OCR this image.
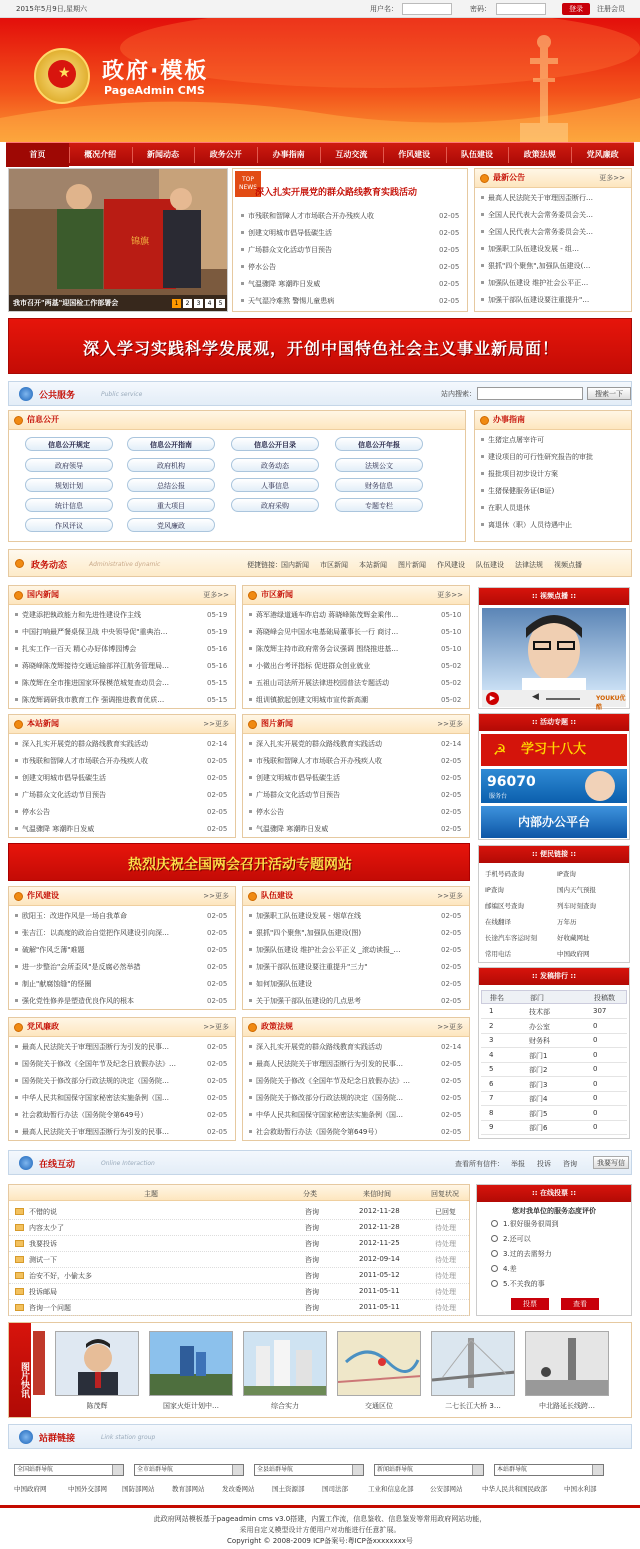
2015年5月9日,星期六	用户名：	密码：	登录	注册会员
★ 政府·模板
PageAdmin CMS
首页	概况介绍	新闻动态	政务公开	办事指南	互动交流	作风建设	队伍建设	政策法规	党风廉政
锦旗
我市召开"两基"迎国检工作部署会	1 2 3 4 5
TOP NEWS
深入扎实开展党的群众路线教育实践活动
市残联和智障人才市场联合开办残疾人收	02-05
创建文明城市倡导低碳生活	02-05
广场群众文化活动节目预告	02-05
停水公告	02-05
气温骤降 寒潮昨日发威	02-05
天气湿冷难熬 警惕儿童患病	02-05
最新公告	更多>>
最高人民法院关于审理因歪断行…
全国人民代表大会常务委员会关…
全国人民代表大会常务委员会关…
加强职工队伍建设发展 - 组…
狠抓"四个聚焦",加强队伍建设(…
加强队伍建设 维护社会公平正…
加强干部队伍建设要注重提升"…
深入学习实践科学发展观，开创中国特色社会主义事业新局面！
公共服务	Public service	站内搜索：	搜索一下
信息公开
信息公开规定	信息公开指南	信息公开目录	信息公开年报
政府领导	政府机构	政务动态	法规公文
规划计划	总结公报	人事信息	财务信息
统计信息	重大项目	政府采购	专题专栏
作风评议	党风廉政
办事指南
生猪定点屠宰许可
建设项目的可行性研究报告的审批
报批项目初步设计方案
生猪保健服务证(B证)
在职人员退休
离退休（职）人员待遇中止
政务动态	Administrative dynamic	便捷链接： 国内新闻 市区新闻 本站新闻 图片新闻 作风建设 队伍建设 法律法规 视频点播
国内新闻	更多>>
党建添把執政能力和先进性建设作主线	05-19
中国打响最严餐桌保卫战 中央领导促"重典治…	05-19
扎实工作一百天 精心办好体博园博会	05-16
蒋晓峰陈茂辉接待交通运输部祥江航务管理局…	05-16
陈茂辉在全市推进国家环保模范城复查动员会…	05-15
陈茂辉调研我市教育工作 强调推进教育优质…	05-15
市区新闻	更多>>
蒋军港绿道通车昨启动 蒋晓峰陈茂辉金乘伟…	05-10
蒋晓峰会见中国水电基础局董事长一行 商讨…	05-10
陈茂辉主持市政府常务会议强调 围绕推进基…	05-10
小微出台考评指标 促进群众创业就业	05-02
五祖山司法所开展法律进校园普法专题活动	05-02
组训镇掀起创建文明城市宣传新高潮	05-02
本站新闻	>>更多
深入扎实开展党的群众路线教育实践活动	02-14
市残联和智障人才市场联合开办残疾人收	02-05
创建文明城市倡导低碳生活	02-05
广场群众文化活动节目预告	02-05
停水公告	02-05
气温骤降 寒潮昨日发威	02-05
图片新闻	>>更多
深入扎实开展党的群众路线教育实践活动	02-14
市残联和智障人才市场联合开办残疾人收	02-05
创建文明城市倡导低碳生活	02-05
广场群众文化活动节目预告	02-05
停水公告	02-05
气温骤降 寒潮昨日发威	02-05
作风建设	>>更多
欧阳玉：改进作风是一场自我革命	02-05
张吉江：以高度的政治自觉把作风建设引向深…	02-05
破解"作风乏薄"难题	02-05
进一步整治"会所歪风"是反腐必然举措	02-05
制止"献腐蚀缝"的怪圈	02-05
强化党性修养是塑造优良作风的根本	02-05
队伍建设	>>更多
加强职工队伍建设发展 - 烟草在线	02-05
狠抓"四个聚焦",加强队伍建设(图)	02-05
加强队伍建设 维护社会公平正义 _滚动读报_…	02-05
加强干部队伍建设要注重提升"三力"	02-05
如何加强队伍建设	02-05
关于加强干部队伍建设的几点思考	02-05
党风廉政	>>更多
最高人民法院关于审理因歪断行为引发的民事…	02-05
国务院关于修改《全国年节及纪念日放假办法》…	02-05
国务院关于修改部分行政法规的决定（国务院…	02-05
中华人民共和国保守国家秘密法实施条例（国…	02-05
社会救助暂行办法（国务院令第649号）	02-05
最高人民法院关于审理因歪断行为引发的民事…	02-05
政策法规	>>更多
深入扎实开展党的群众路线教育实践活动	02-14
最高人民法院关于审理因歪断行为引发的民事…	02-05
国务院关于修改《全国年节及纪念日放假办法》…	02-05
国务院关于修改部分行政法规的决定（国务院…	02-05
中华人民共和国保守国家秘密法实施条例（国…	02-05
社会救助暂行办法（国务院令第649号）	02-05
热烈庆祝全国两会召开活动专题网站
:: 视频点播 ::
▶	◀	YOUKU优酷
:: 活动专题 ::
☭ 学习十八大
96070
服务台
内部办公平台
:: 便民链接 ::
手机号码查询	IP查询
IP查询	国内天气预报
邮编区号查询	列车时刻查询
在线翻译	万年历
长途汽车客运时刻	好收藏网址
常用电话	中国政府网
:: 发稿排行 ::
排名	部门	投稿数
1	技术部	307
2	办公室	0
3	财务科	0
4	部门1	0
5	部门2	0
6	部门3	0
7	部门4	0
8	部门5	0
9	部门6	0
在线互动	Online Interaction	查看所有信件： 举报 投诉 咨询	我要写信
主题	分类	来信时间	回复状况
不错的说	咨询	2012-11-28	已回复
内容太少了	咨询	2012-11-28	待处理
我要投诉	咨询	2012-11-25	待处理
测试一下	咨询	2012-09-14	待处理
治安不好，小偷太多	咨询	2011-05-12	待处理
投诉邮局	咨询	2011-05-11	待处理
咨询一个问题	咨询	2011-05-11	待处理
:: 在线投票 ::
您对我单位的服务态度评价
1.很好服务很周到
2.还可以
3.过的去需努力
4.差
5.不关我的事
投票	查看
图片快讯
陈茂辉	国家火炬计划中…	综合实力	交通区位	二七长江大桥 3…	中北路延长线跨…
站群链接	Link station group
全国站群导航	全市站群导航	全县站群导航	新闻站群导航	本站群导航
中国政府网	中国外交部网 国防部网站	教育部网站	发改委网站	国土资源部	国司法部	工业和信息化部	公安部网站	中华人民共和国民政部	中国水利部
此政府网站模板基于pageadmin cms v3.0搭建，内置工作流，信息鉴收、信息鉴发等常用政府网站功能，
采用自定义模型设计方便用户对功能进行任意扩展。
Copyright © 2008-2009 ICP备案号:粤ICP备xxxxxxxx号
